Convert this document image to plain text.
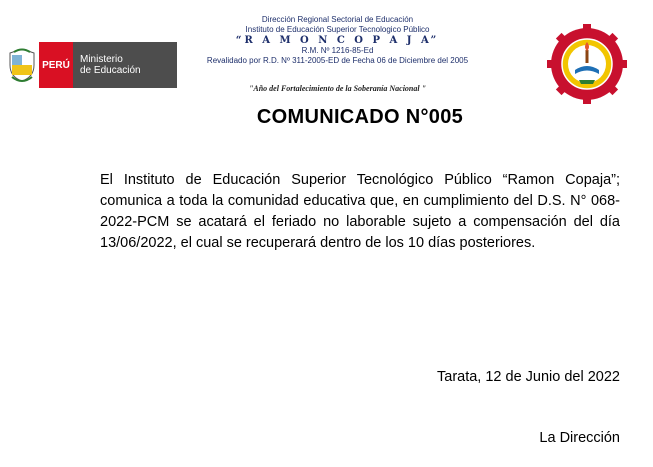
PERÚ	Ministerio
de Educación
Dirección Regional Sectorial de Educación
Instituto de Educación Superior Tecnologico Público
“R A M O N C O P A J A”
R.M. Nº 1216-85-Ed
Revalidado por R.D. Nº 311-2005-ED de Fecha 06 de Diciembre del 2005
"Año del Fortalecimiento de la Soberanía Nacional "
COMUNICADO N°005
El Instituto de Educación Superior Tecnológico Público “Ramon Copaja”; comunica a toda la comunidad educativa que, en cumplimiento del D.S. N° 068-2022-PCM se acatará el feriado no laborable sujeto a compensación del día 13/06/2022, el cual se recuperará dentro de los 10 días posteriores.
Tarata, 12 de Junio del 2022
La Dirección
